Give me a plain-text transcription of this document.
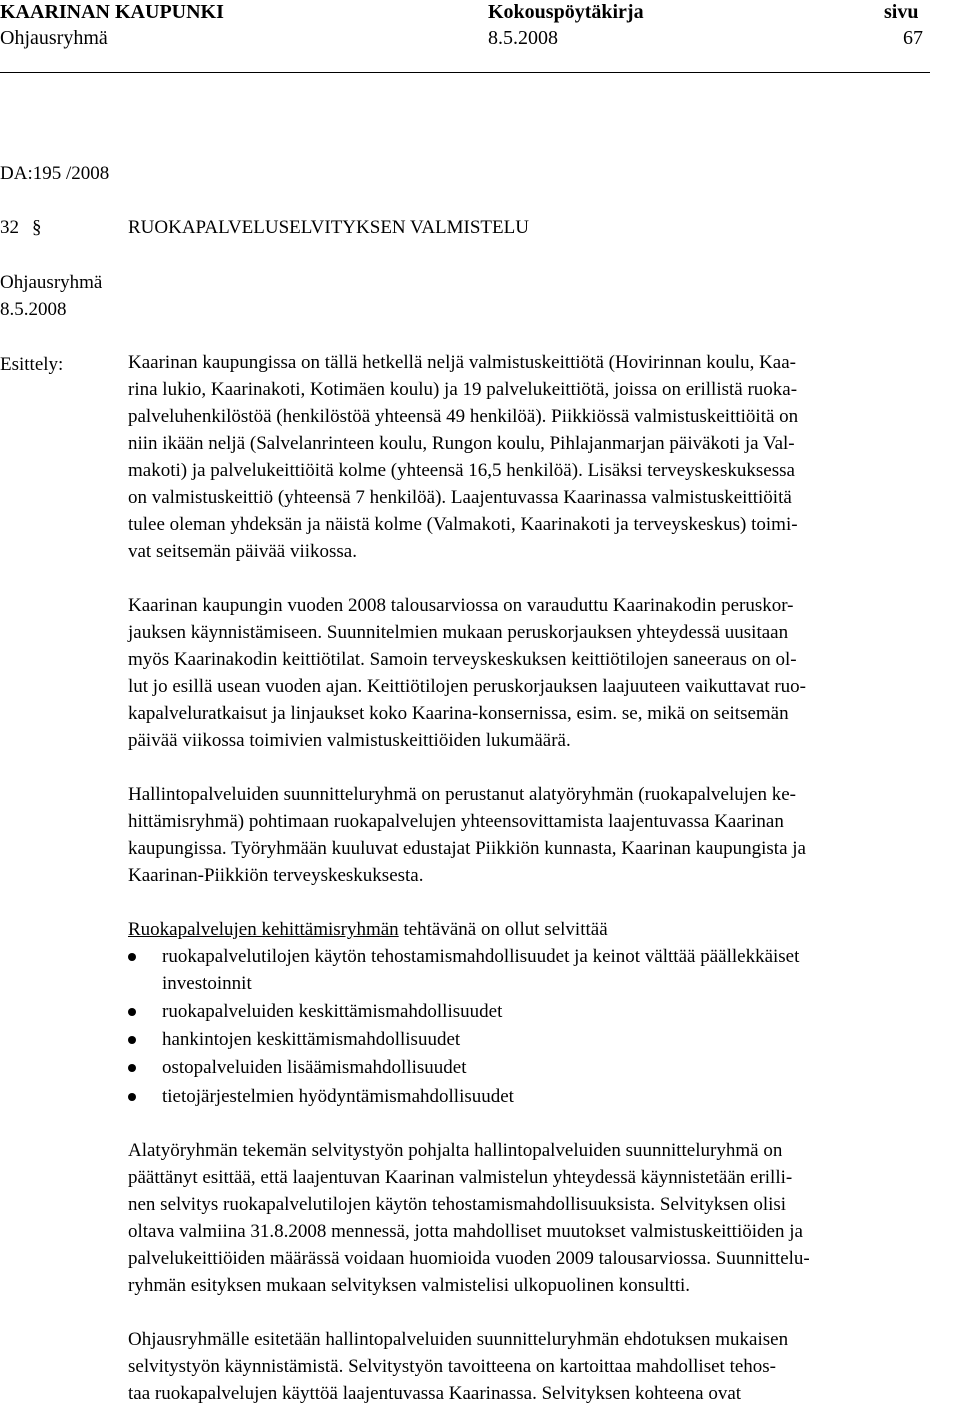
KAARINAN KAUPUNKI	Kokouspöytäkirja	sivu
Ohjausryhmä	8.5.2008	67
DA:195 /2008
32 §	RUOKAPALVELUSELVITYKSEN VALMISTELU
Ohjausryhmä
8.5.2008
Esittely:	Kaarinan kaupungissa on tällä hetkellä neljä valmistuskeittiötä (Hovirinnan koulu, Kaa-
rina lukio, Kaarinakoti, Kotimäen koulu) ja 19 palvelukeittiötä, joissa on erillistä ruoka-
palveluhenkilöstöä (henkilöstöä yhteensä 49 henkilöä). Piikkiössä valmistuskeittiöitä on
niin ikään neljä (Salvelanrinteen koulu, Rungon koulu, Pihlajanmarjan päiväkoti ja Val-
makoti) ja palvelukeittiöitä kolme (yhteensä 16,5 henkilöä). Lisäksi terveyskeskuksessa
on valmistuskeittiö (yhteensä 7 henkilöä). Laajentuvassa Kaarinassa valmistuskeittiöitä
tulee oleman yhdeksän ja näistä kolme (Valmakoti, Kaarinakoti ja terveyskeskus) toimi-
vat seitsemän päivää viikossa.
Kaarinan kaupungin vuoden 2008 talousarviossa on varauduttu Kaarinakodin peruskor-
jauksen käynnistämiseen. Suunnitelmien mukaan peruskorjauksen yhteydessä uusitaan
myös Kaarinakodin keittiötilat. Samoin terveyskeskuksen keittiötilojen saneeraus on ol-
lut jo esillä usean vuoden ajan. Keittiötilojen peruskorjauksen laajuuteen vaikuttavat ruo-
kapalveluratkaisut ja linjaukset koko Kaarina-konsernissa, esim. se, mikä on seitsemän
päivää viikossa toimivien valmistuskeittiöiden lukumäärä.
Hallintopalveluiden suunnitteluryhmä on perustanut alatyöryhmän (ruokapalvelujen ke-
hittämisryhmä) pohtimaan ruokapalvelujen yhteensovittamista laajentuvassa Kaarinan
kaupungissa. Työryhmään kuuluvat edustajat Piikkiön kunnasta, Kaarinan kaupungista ja
Kaarinan-Piikkiön terveyskeskuksesta.
Ruokapalvelujen kehittämisryhmän tehtävänä on ollut selvittää
ruokapalvelutilojen käytön tehostamismahdollisuudet ja keinot välttää päällekkäiset
investoinnit
ruokapalveluiden keskittämismahdollisuudet
hankintojen keskittämismahdollisuudet
ostopalveluiden lisäämismahdollisuudet
tietojärjestelmien hyödyntämismahdollisuudet
Alatyöryhmän tekemän selvitystyön pohjalta hallintopalveluiden suunnitteluryhmä on
päättänyt esittää, että laajentuvan Kaarinan valmistelun yhteydessä käynnistetään erilli-
nen selvitys ruokapalvelutilojen käytön tehostamismahdollisuuksista. Selvityksen olisi
oltava valmiina 31.8.2008 mennessä, jotta mahdolliset muutokset valmistuskeittiöiden ja
palvelukeittiöiden määrässä voidaan huomioida vuoden 2009 talousarviossa. Suunnittelu-
ryhmän esityksen mukaan selvityksen valmistelisi ulkopuolinen konsultti.
Ohjausryhmälle esitetään hallintopalveluiden suunnitteluryhmän ehdotuksen mukaisen
selvitystyön käynnistämistä. Selvitystyön tavoitteena on kartoittaa mahdolliset tehos-
taa ruokapalvelujen käyttöä laajentuvassa Kaarinassa. Selvityksen kohteena ovat
